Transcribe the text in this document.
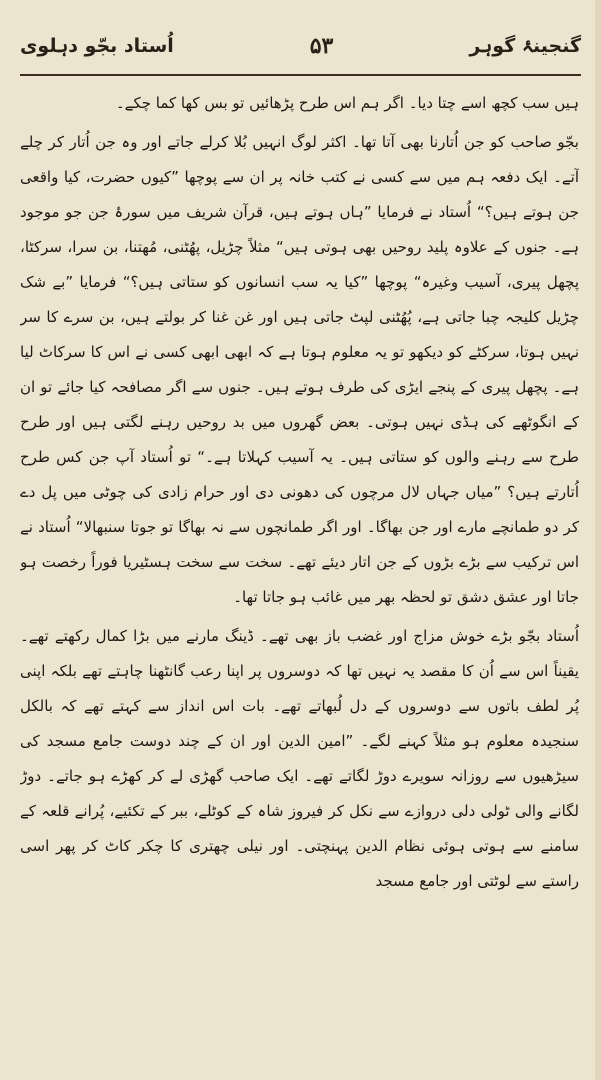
گنجینۂ گوہر
۵۳
اُستاد بجّو دہلوی

ہیں سب کچھ اسے چتا دیا۔ اگر ہم اس طرح پڑھائیں تو بس کھا کما چکے۔

بجّو صاحب کو جن اُتارنا بھی آتا تھا۔ اکثر لوگ انہیں بُلا کرلے جاتے اور وہ جن اُتار کر چلے آتے۔ ایک دفعہ ہم میں سے کسی نے کتب خانہ پر ان سے پوچھا ”کیوں حضرت، کیا واقعی جن ہوتے ہیں؟“ اُستاد نے فرمایا ”ہاں ہوتے ہیں، قرآن شریف میں سورۂ جن جو موجود ہے۔ جنوں کے علاوہ پلید روحیں بھی ہوتی ہیں“ مثلاً چڑیل، پھُٹنی، مُھتنا، بن سرا، سرکٹا، پچھل پیری، آسیب وغیرہ“ پوچھا ”کیا یہ سب انسانوں کو ستاتی ہیں؟“ فرمایا ”بے شک چڑیل کلیجہ چبا جاتی ہے، پُھُٹنی لپٹ جاتی ہیں اور غن غنا کر بولتے ہیں، بن سرے کا سر نہیں ہوتا، سرکٹے کو دیکھو تو یہ معلوم ہوتا ہے کہ ابھی ابھی کسی نے اس کا سرکاٹ لیا ہے۔ پچھل پیری کے پنجے ایڑی کی طرف ہوتے ہیں۔ جنوں سے اگر مصافحہ کیا جائے تو ان کے انگوٹھے کی ہڈی نہیں ہوتی۔ بعض گھروں میں بد روحیں رہنے لگتی ہیں اور طرح طرح سے رہنے والوں کو ستاتی ہیں۔ یہ آسیب کہلاتا ہے۔“ تو اُستاد آپ جن کس طرح اُتارتے ہیں؟ ”میاں جہاں لال مرچوں کی دھونی دی اور حرام زادی کی چوٹی میں پل دے کر دو طمانچے مارے اور جن بھاگا۔ اور اگر طمانچوں سے نہ بھاگا تو جوتا سنبھالا“ اُستاد نے اس ترکیب سے بڑے بڑوں کے جن اتار دیئے تھے۔ سخت سے سخت ہسٹیریا فوراً رخصت ہو جاتا اور عشق دشق تو لحظہ بھر میں غائب ہو جاتا تھا۔

اُستاد بجّو بڑے خوش مزاج اور غضب باز بھی تھے۔ ڈینگ مارنے میں بڑا کمال رکھتے تھے۔ یقیناً اس سے اُن کا مقصد یہ نہیں تھا کہ دوسروں پر اپنا رعب گانٹھنا چاہتے تھے بلکہ اپنی پُر لطف باتوں سے دوسروں کے دل لُبھاتے تھے۔ بات اس انداز سے کہتے تھے کہ بالکل سنجیدہ معلوم ہو مثلاً کہنے لگے۔ ”امین الدین اور ان کے چند دوست جامع مسجد کی سیڑھیوں سے روزانہ سویرے دوڑ لگاتے تھے۔ ایک صاحب گھڑی لے کر کھڑے ہو جاتے۔ دوڑ لگانے والی ٹولی دلی دروازے سے نکل کر فیروز شاہ کے کوٹلے، ببر کے تکئیے، پُرانے قلعہ کے سامنے سے ہوتی ہوئی نظام الدین پہنچتی۔ اور نیلی چھتری کا چکر کاٹ کر پھر اسی راستے سے لوٹتی اور جامع مسجد
